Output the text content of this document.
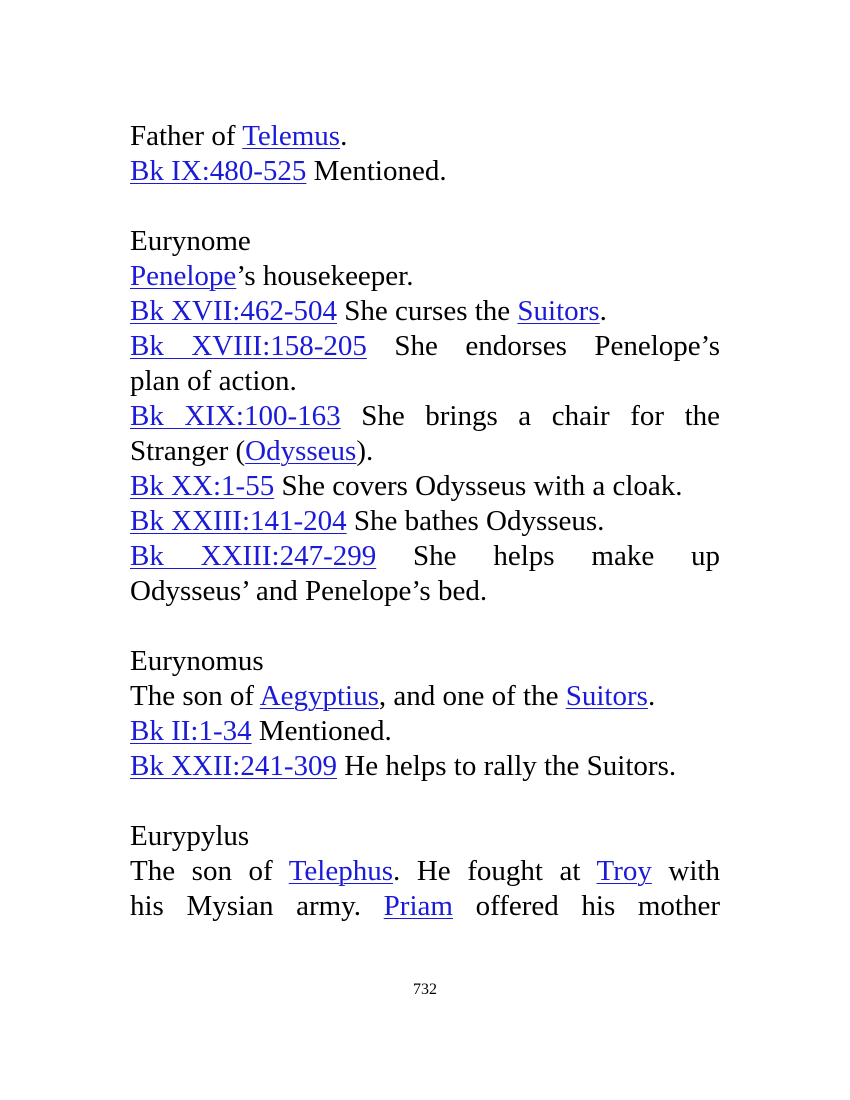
Father of Telemus.
Bk IX:480-525 Mentioned.
Eurynome
Penelope’s housekeeper.
Bk XVII:462-504 She curses the Suitors.
Bk XVIII:158-205 She endorses Penelope’s
plan of action.
Bk XIX:100-163 She brings a chair for the
Stranger (Odysseus).
Bk XX:1-55 She covers Odysseus with a cloak.
Bk XXIII:141-204 She bathes Odysseus.
Bk XXIII:247-299 She helps make up
Odysseus’ and Penelope’s bed.
Eurynomus
The son of Aegyptius, and one of the Suitors.
Bk II:1-34 Mentioned.
Bk XXII:241-309 He helps to rally the Suitors.
Eurypylus
The son of Telephus. He fought at Troy with
his Mysian army. Priam offered his mother
732
